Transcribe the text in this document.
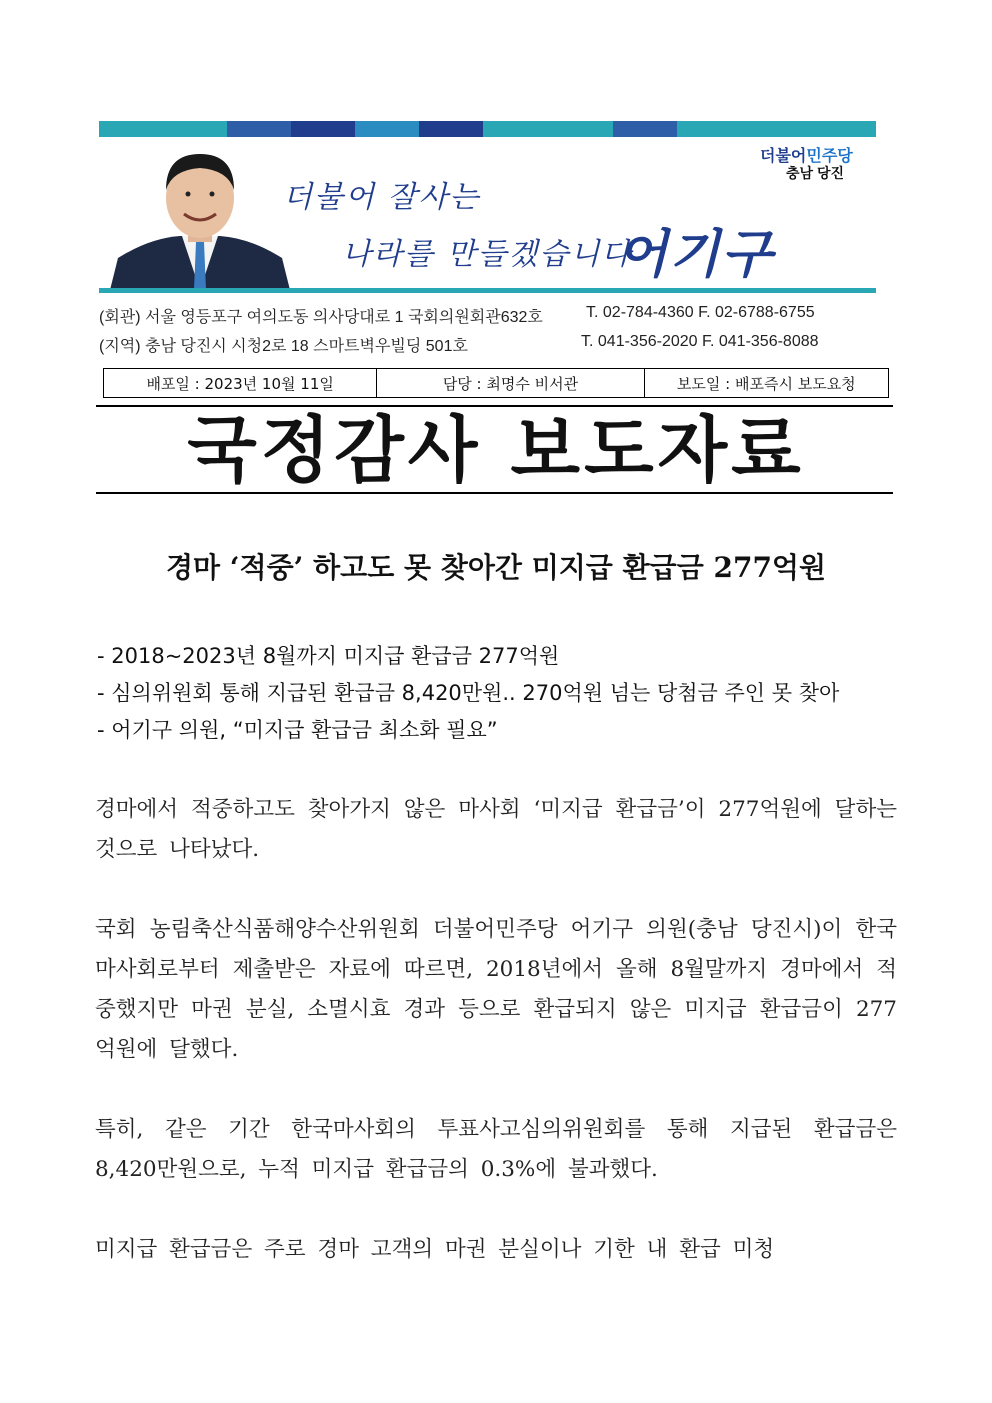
더불어 잘사는
나라를 만들겠습니다
어기구
더불어민주당
충남 당진
(회관) 서울 영등포구 여의도동 의사당대로 1 국회의원회관632호	T. 02-784-4360 F. 02-6788-6755
(지역) 충남 당진시 시청2로 18 스마트벽우빌딩 501호	T. 041-356-2020 F. 041-356-8088
배포일 : 2023년 10월 11일	담당 : 최명수 비서관	보도일 : 배포즉시 보도요청
국정감사 보도자료
경마 ‘적중’ 하고도 못 찾아간 미지급 환급금 277억원
- 2018~2023년 8월까지 미지급 환급금 277억원
- 심의위원회 통해 지급된 환급금 8,420만원.. 270억원 넘는 당첨금 주인 못 찾아
- 어기구 의원, “미지급 환급금 최소화 필요”
경마에서 적중하고도 찾아가지 않은 마사회 ‘미지급 환급금’이 277억원에 달하는 것으로 나타났다.
국회 농림축산식품해양수산위원회 더불어민주당 어기구 의원(충남 당진시)이 한국마사회로부터 제출받은 자료에 따르면, 2018년에서 올해 8월말까지 경마에서 적중했지만 마권 분실, 소멸시효 경과 등으로 환급되지 않은 미지급 환급금이 277억원에 달했다.
특히, 같은 기간 한국마사회의 투표사고심의위원회를 통해 지급된 환급금은 8,420만원으로, 누적 미지급 환급금의 0.3%에 불과했다.
미지급 환급금은 주로 경마 고객의 마권 분실이나 기한 내 환급 미청
